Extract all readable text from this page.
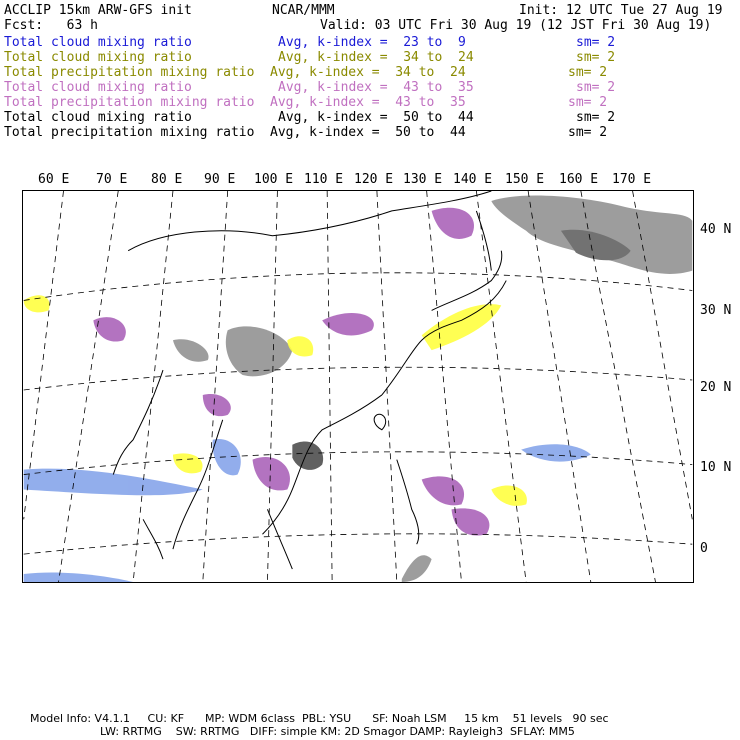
ACCLIP 15km ARW-GFS init	NCAR/MMM	Init: 12 UTC Tue 27 Aug 19
Fcst:   63 h	Valid: 03 UTC Fri 30 Aug 19 (12 JST Fri 30 Aug 19)
Total cloud mixing ratio	Avg, k-index =  23 to  9	sm= 2
Total cloud mixing ratio	Avg, k-index =  34 to  24	sm= 2
Total precipitation mixing ratio Avg, k-index =  34 to  24	sm= 2
Total cloud mixing ratio	Avg, k-index =  43 to  35	sm= 2
Total precipitation mixing ratio Avg, k-index =  43 to  35	sm= 2
Total cloud mixing ratio	Avg, k-index =  50 to  44	sm= 2
Total precipitation mixing ratio Avg, k-index =  50 to  44	sm= 2
60 E 70 E 80 E 90 E 100 E 110 E 120 E 130 E 140 E 150 E 160 E 170 E
40 N
30 N
20 N
10 N
0
Model Info: V4.1.1     CU: KF      MP: WDM 6class  PBL: YSU      SF: Noah LSM     15 km    51 levels   90 sec
LW: RRTMG    SW: RRTMG   DIFF: simple KM: 2D Smagor DAMP: Rayleigh3  SFLAY: MM5
